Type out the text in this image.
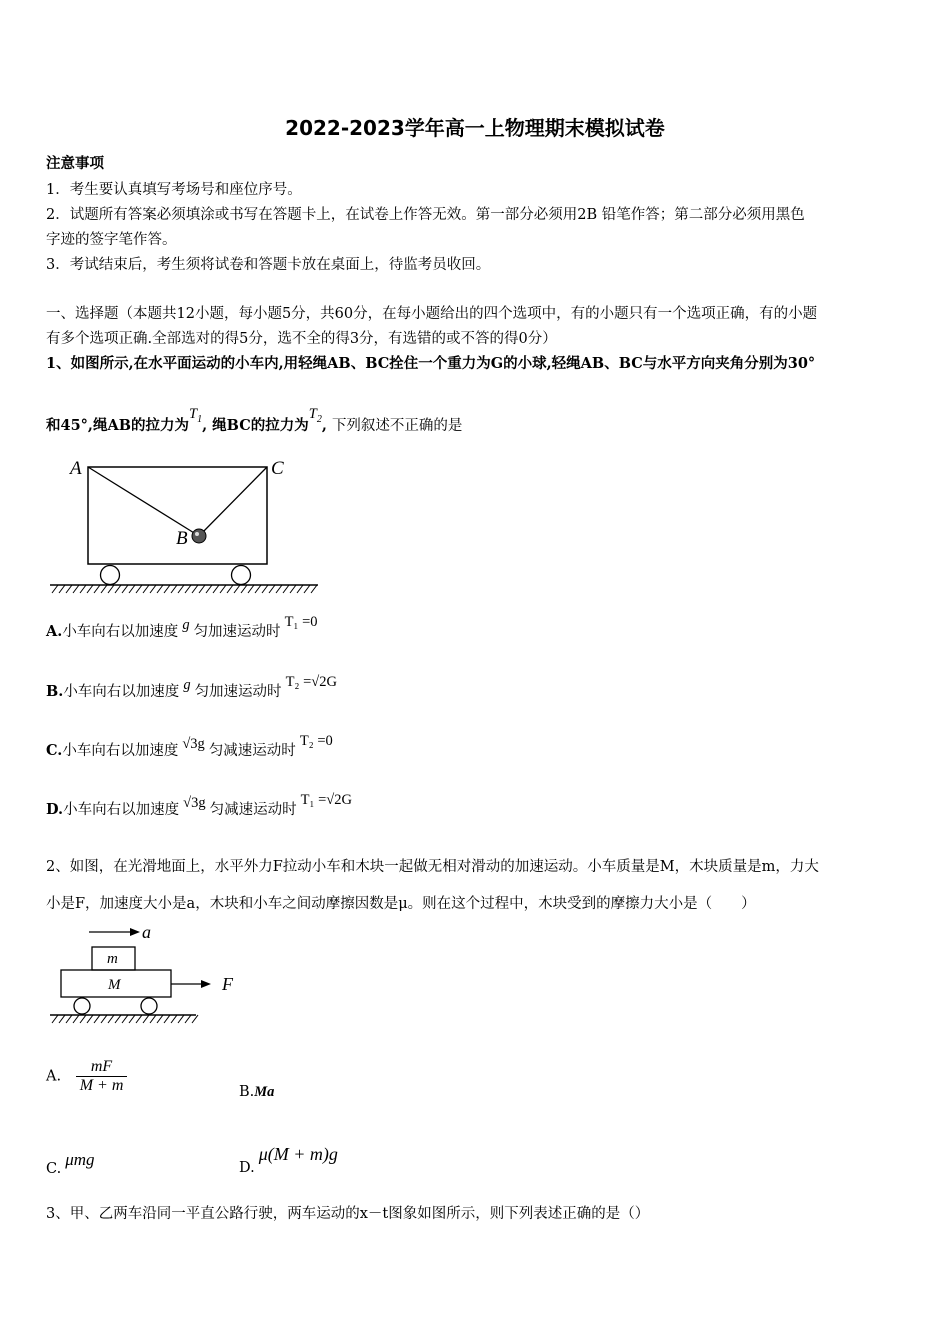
2022-2023学年高一上物理期末模拟试卷
注意事项
1．考生要认真填写考场号和座位序号。
2．试题所有答案必须填涂或书写在答题卡上，在试卷上作答无效。第一部分必须用2B 铅笔作答；第二部分必须用黑色
字迹的签字笔作答。
3．考试结束后，考生须将试卷和答题卡放在桌面上，待监考员收回。
一、选择题（本题共12小题，每小题5分，共60分，在每小题给出的四个选项中，有的小题只有一个选项正确，有的小题
有多个选项正确.全部选对的得5分，选不全的得3分，有选错的或不答的得0分）
1、如图所示,在水平面运动的小车内,用轻绳AB、BC拴住一个重力为G的小球,轻绳AB、BC与水平方向夹角分别为30°
和45°,绳AB的拉力为$T_1$, 绳BC的拉力为$T_2$, 下列叙述不正确的是
A	C
B
A.小车向右以加速度 g 匀加速运动时T₁ =0
B.小车向右以加速度 g 匀加速运动时T₂ =√2G
C.小车向右以加速度 √3g 匀减速运动时T₂ =0
D.小车向右以加速度 √3g 匀减速运动时T₁ =√2G
2、如图，在光滑地面上，水平外力F拉动小车和木块一起做无相对滑动的加速运动。小车质量是M，木块质量是m，力大
小是F，加速度大小是a，木块和小车之间动摩擦因数是μ。则在这个过程中，木块受到的摩擦力大小是（　　）
a
m
M	F
A. $\frac{mF}{M + m}$	B.Ma
C. μmg	D.μ(M + m)g
3、甲、乙两车沿同一平直公路行驶，两车运动的x－t图象如图所示，则下列表述正确的是（）
